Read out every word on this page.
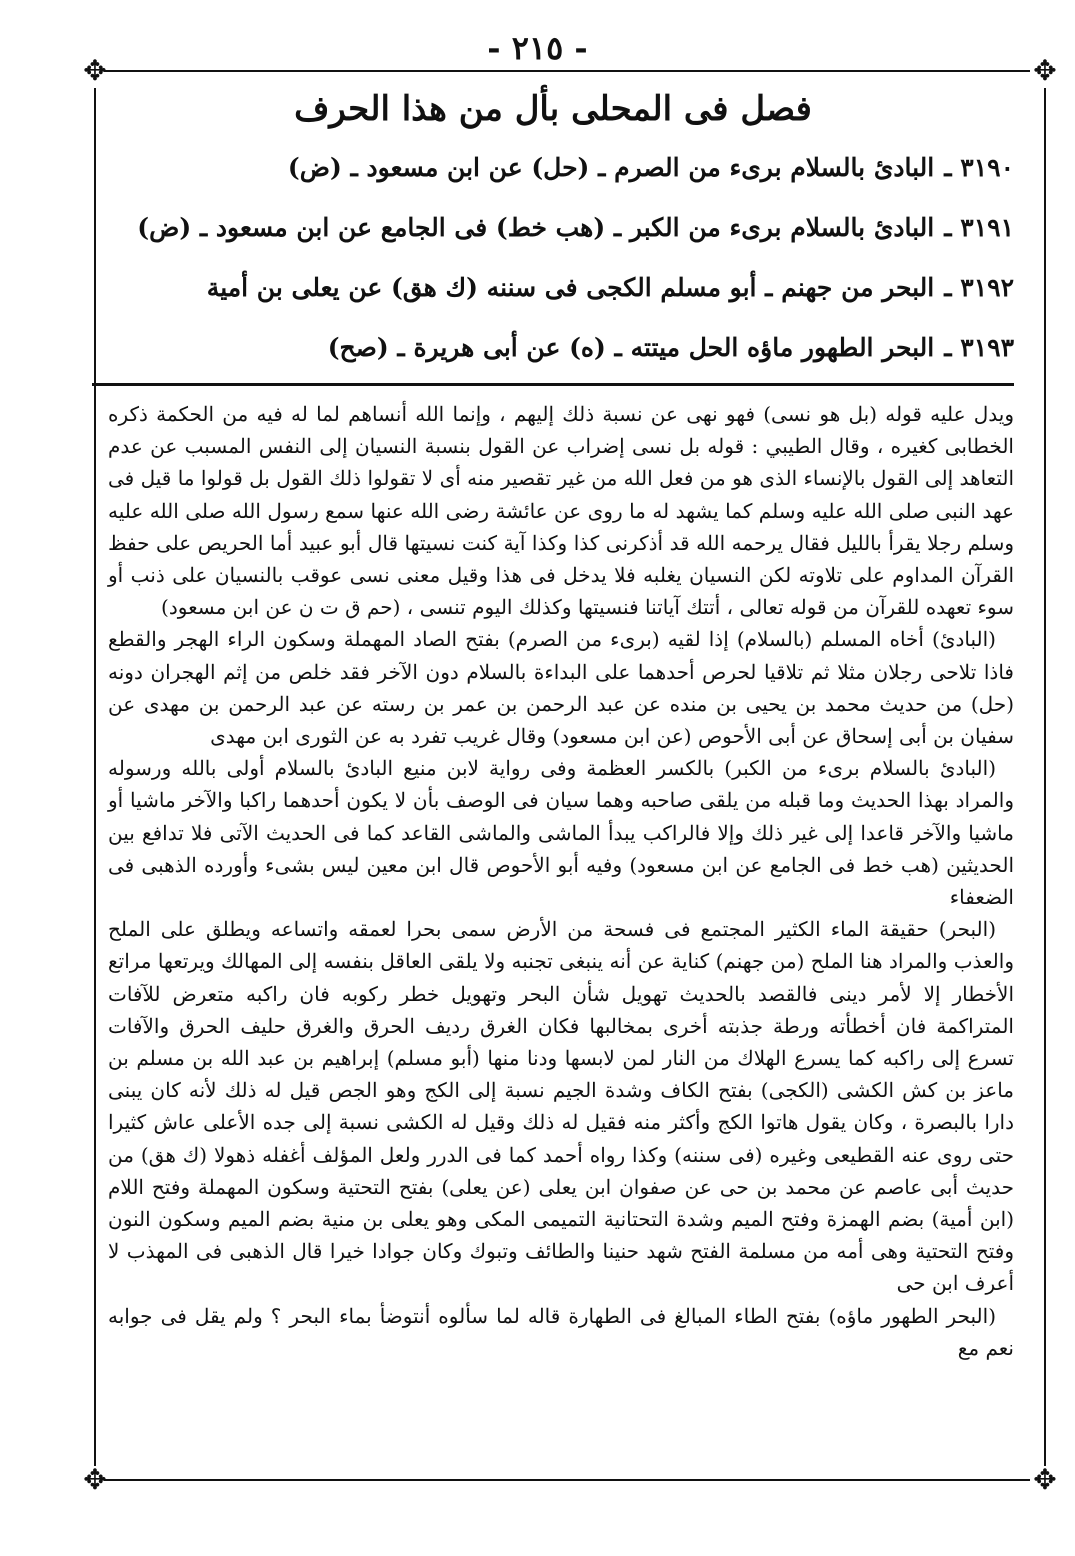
- ٢١٥ -
✥	✥
✥	✥
فصل فى المحلى بأل من هذا الحرف

٣١٩٠ ـالبادئ بالسلام برىء من الصرم ـ (حل) عن ابن مسعود ـ (ض)

٣١٩١ ـالبادئ بالسلام برىء من الكبر ـ (هب خط) فى الجامع عن ابن مسعود ـ (ض)

٣١٩٢ ـالبحر من جهنم ـ أبو مسلم الكجى فى سننه (ك هق) عن يعلى بن أمية

٣١٩٣ ـالبحر الطهور ماؤه الحل ميتته ـ (ه) عن أبى هريرة ـ (صح)

ويدل عليه قوله (بل هو نسى) فهو نهى عن نسبة ذلك إليهم ، وإنما الله أنساهم لما له فيه من الحكمة ذكره الخطابى كغيره ، وقال الطيبي : قوله بل نسى إضراب عن القول بنسبة النسيان إلى النفس المسبب عن عدم التعاهد إلى القول بالإنساء الذى هو من فعل الله من غير تقصير منه أى لا تقولوا ذلك القول بل قولوا ما قيل فى عهد النبى صلى الله عليه وسلم كما يشهد له ما روى عن عائشة رضى الله عنها سمع رسول الله صلى الله عليه وسلم رجلا يقرأ بالليل فقال يرحمه الله قد أذكرنى كذا وكذا آية كنت نسيتها قال أبو عبيد أما الحريص على حفظ القرآن المداوم على تلاوته لكن النسيان يغلبه فلا يدخل فى هذا وقيل معنى نسى عوقب بالنسيان على ذنب أو سوء تعهده للقرآن من قوله تعالى ، أتتك آياتنا فنسيتها وكذلك اليوم تنسى ، (حم ق ت ن عن ابن مسعود)

(البادئ) أخاه المسلم (بالسلام) إذا لقيه (برىء من الصرم) بفتح الصاد المهملة وسكون الراء الهجر والقطع فاذا تلاحى رجلان مثلا ثم تلاقيا لحرص أحدهما على البداءة بالسلام دون الآخر فقد خلص من إثم الهجران دونه (حل) من حديث محمد بن يحيى بن منده عن عبد الرحمن بن عمر بن رسته عن عبد الرحمن بن مهدى عن سفيان بن أبى إسحاق عن أبى الأحوص (عن ابن مسعود) وقال غريب تفرد به عن الثورى ابن مهدى

(البادئ بالسلام برىء من الكبر) بالكسر العظمة وفى رواية لابن منيع البادئ بالسلام أولى بالله ورسوله والمراد بهذا الحديث وما قبله من يلقى صاحبه وهما سيان فى الوصف بأن لا يكون أحدهما راكبا والآخر ماشيا أو ماشيا والآخر قاعدا إلى غير ذلك وإلا فالراكب يبدأ الماشى والماشى القاعد كما فى الحديث الآتى فلا تدافع بين الحديثين (هب خط فى الجامع عن ابن مسعود) وفيه أبو الأحوص قال ابن معين ليس بشىء وأورده الذهبى فى الضعفاء

(البحر) حقيقة الماء الكثير المجتمع فى فسحة من الأرض سمى بحرا لعمقه واتساعه ويطلق على الملح والعذب والمراد هنا الملح (من جهنم) كناية عن أنه ينبغى تجنبه ولا يلقى العاقل بنفسه إلى المهالك ويرتعها مراتع الأخطار إلا لأمر دينى فالقصد بالحديث تهويل شأن البحر وتهويل خطر ركوبه فان راكبه متعرض للآفات المتراكمة فان أخطأته ورطة جذبته أخرى بمخالبها فكان الغرق رديف الحرق والغرق حليف الحرق والآفات تسرع إلى راكبه كما يسرع الهلاك من النار لمن لابسها ودنا منها (أبو مسلم) إبراهيم بن عبد الله بن مسلم بن ماعز بن كش الكشى (الكجى) بفتح الكاف وشدة الجيم نسبة إلى الكج وهو الجص قيل له ذلك لأنه كان يبنى دارا بالبصرة ، وكان يقول هاتوا الكج وأكثر منه فقيل له ذلك وقيل له الكشى نسبة إلى جده الأعلى عاش كثيرا حتى روى عنه القطيعى وغيره (فى سننه) وكذا رواه أحمد كما فى الدرر ولعل المؤلف أغفله ذهولا (ك هق) من حديث أبى عاصم عن محمد بن حى عن صفوان ابن يعلى (عن يعلى) بفتح التحتية وسكون المهملة وفتح اللام (ابن أمية) بضم الهمزة وفتح الميم وشدة التحتانية التميمى المكى وهو يعلى بن منية بضم الميم وسكون النون وفتح التحتية وهى أمه من مسلمة الفتح شهد حنينا والطائف وتبوك وكان جوادا خيرا قال الذهبى فى المهذب لا أعرف ابن حى

(البحر الطهور ماؤه) بفتح الطاء المبالغ فى الطهارة قاله لما سألوه أنتوضأ بماء البحر ؟ ولم يقل فى جوابه نعم مع
